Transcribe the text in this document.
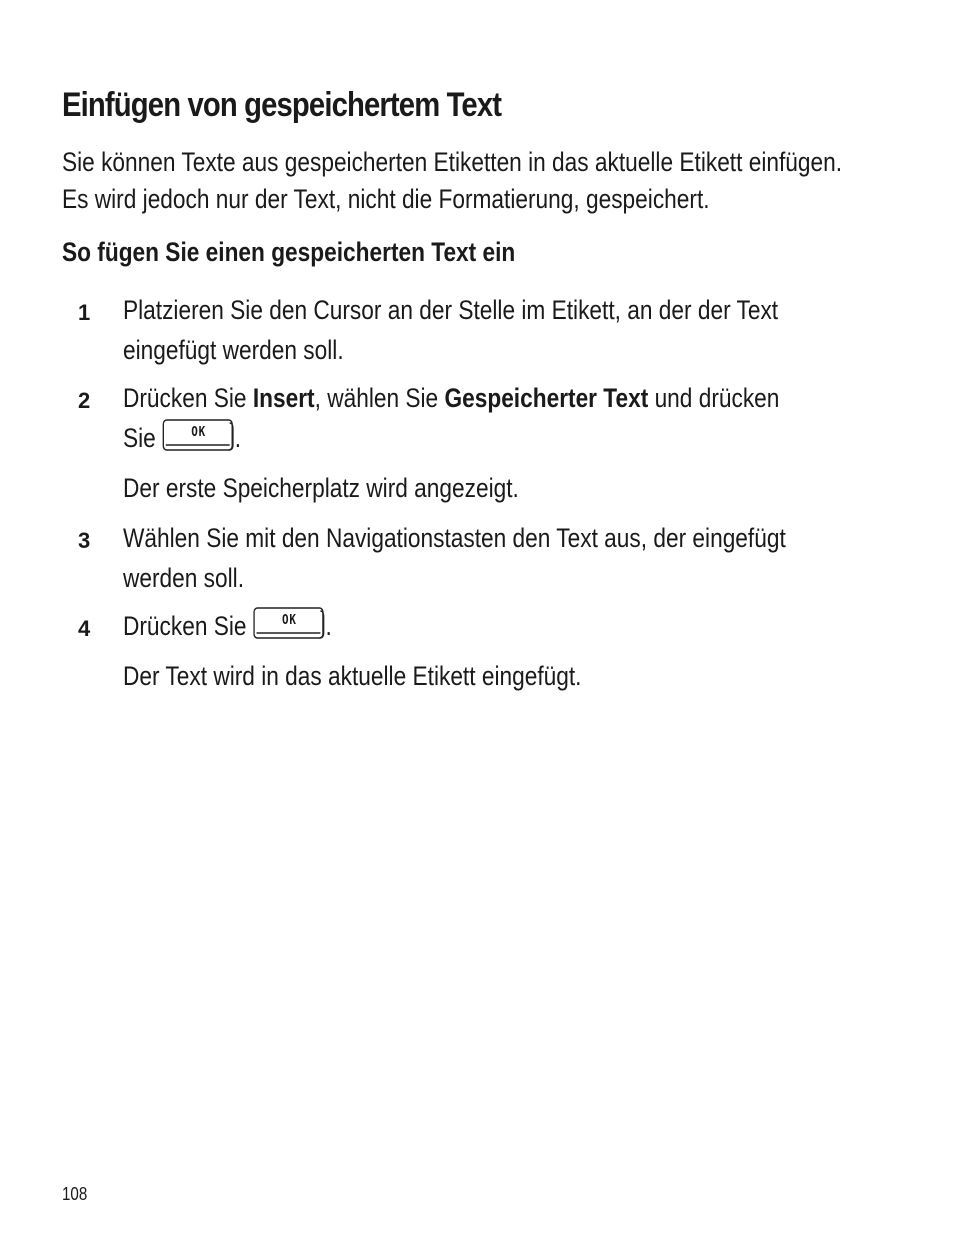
Einfügen von gespeichertem Text
Sie können Texte aus gespeicherten Etiketten in das aktuelle Etikett einfügen.
Es wird jedoch nur der Text, nicht die Formatierung, gespeichert.
So fügen Sie einen gespeicherten Text ein
1 Platzieren Sie den Cursor an der Stelle im Etikett, an der der Text
eingefügt werden soll.
2 Drücken Sie Insert, wählen Sie Gespeicherter Text und drücken
Sie	OK	.
Der erste Speicherplatz wird angezeigt.
3 Wählen Sie mit den Navigationstasten den Text aus, der eingefügt
werden soll.
4 Drücken Sie	OK	.
Der Text wird in das aktuelle Etikett eingefügt.
108
